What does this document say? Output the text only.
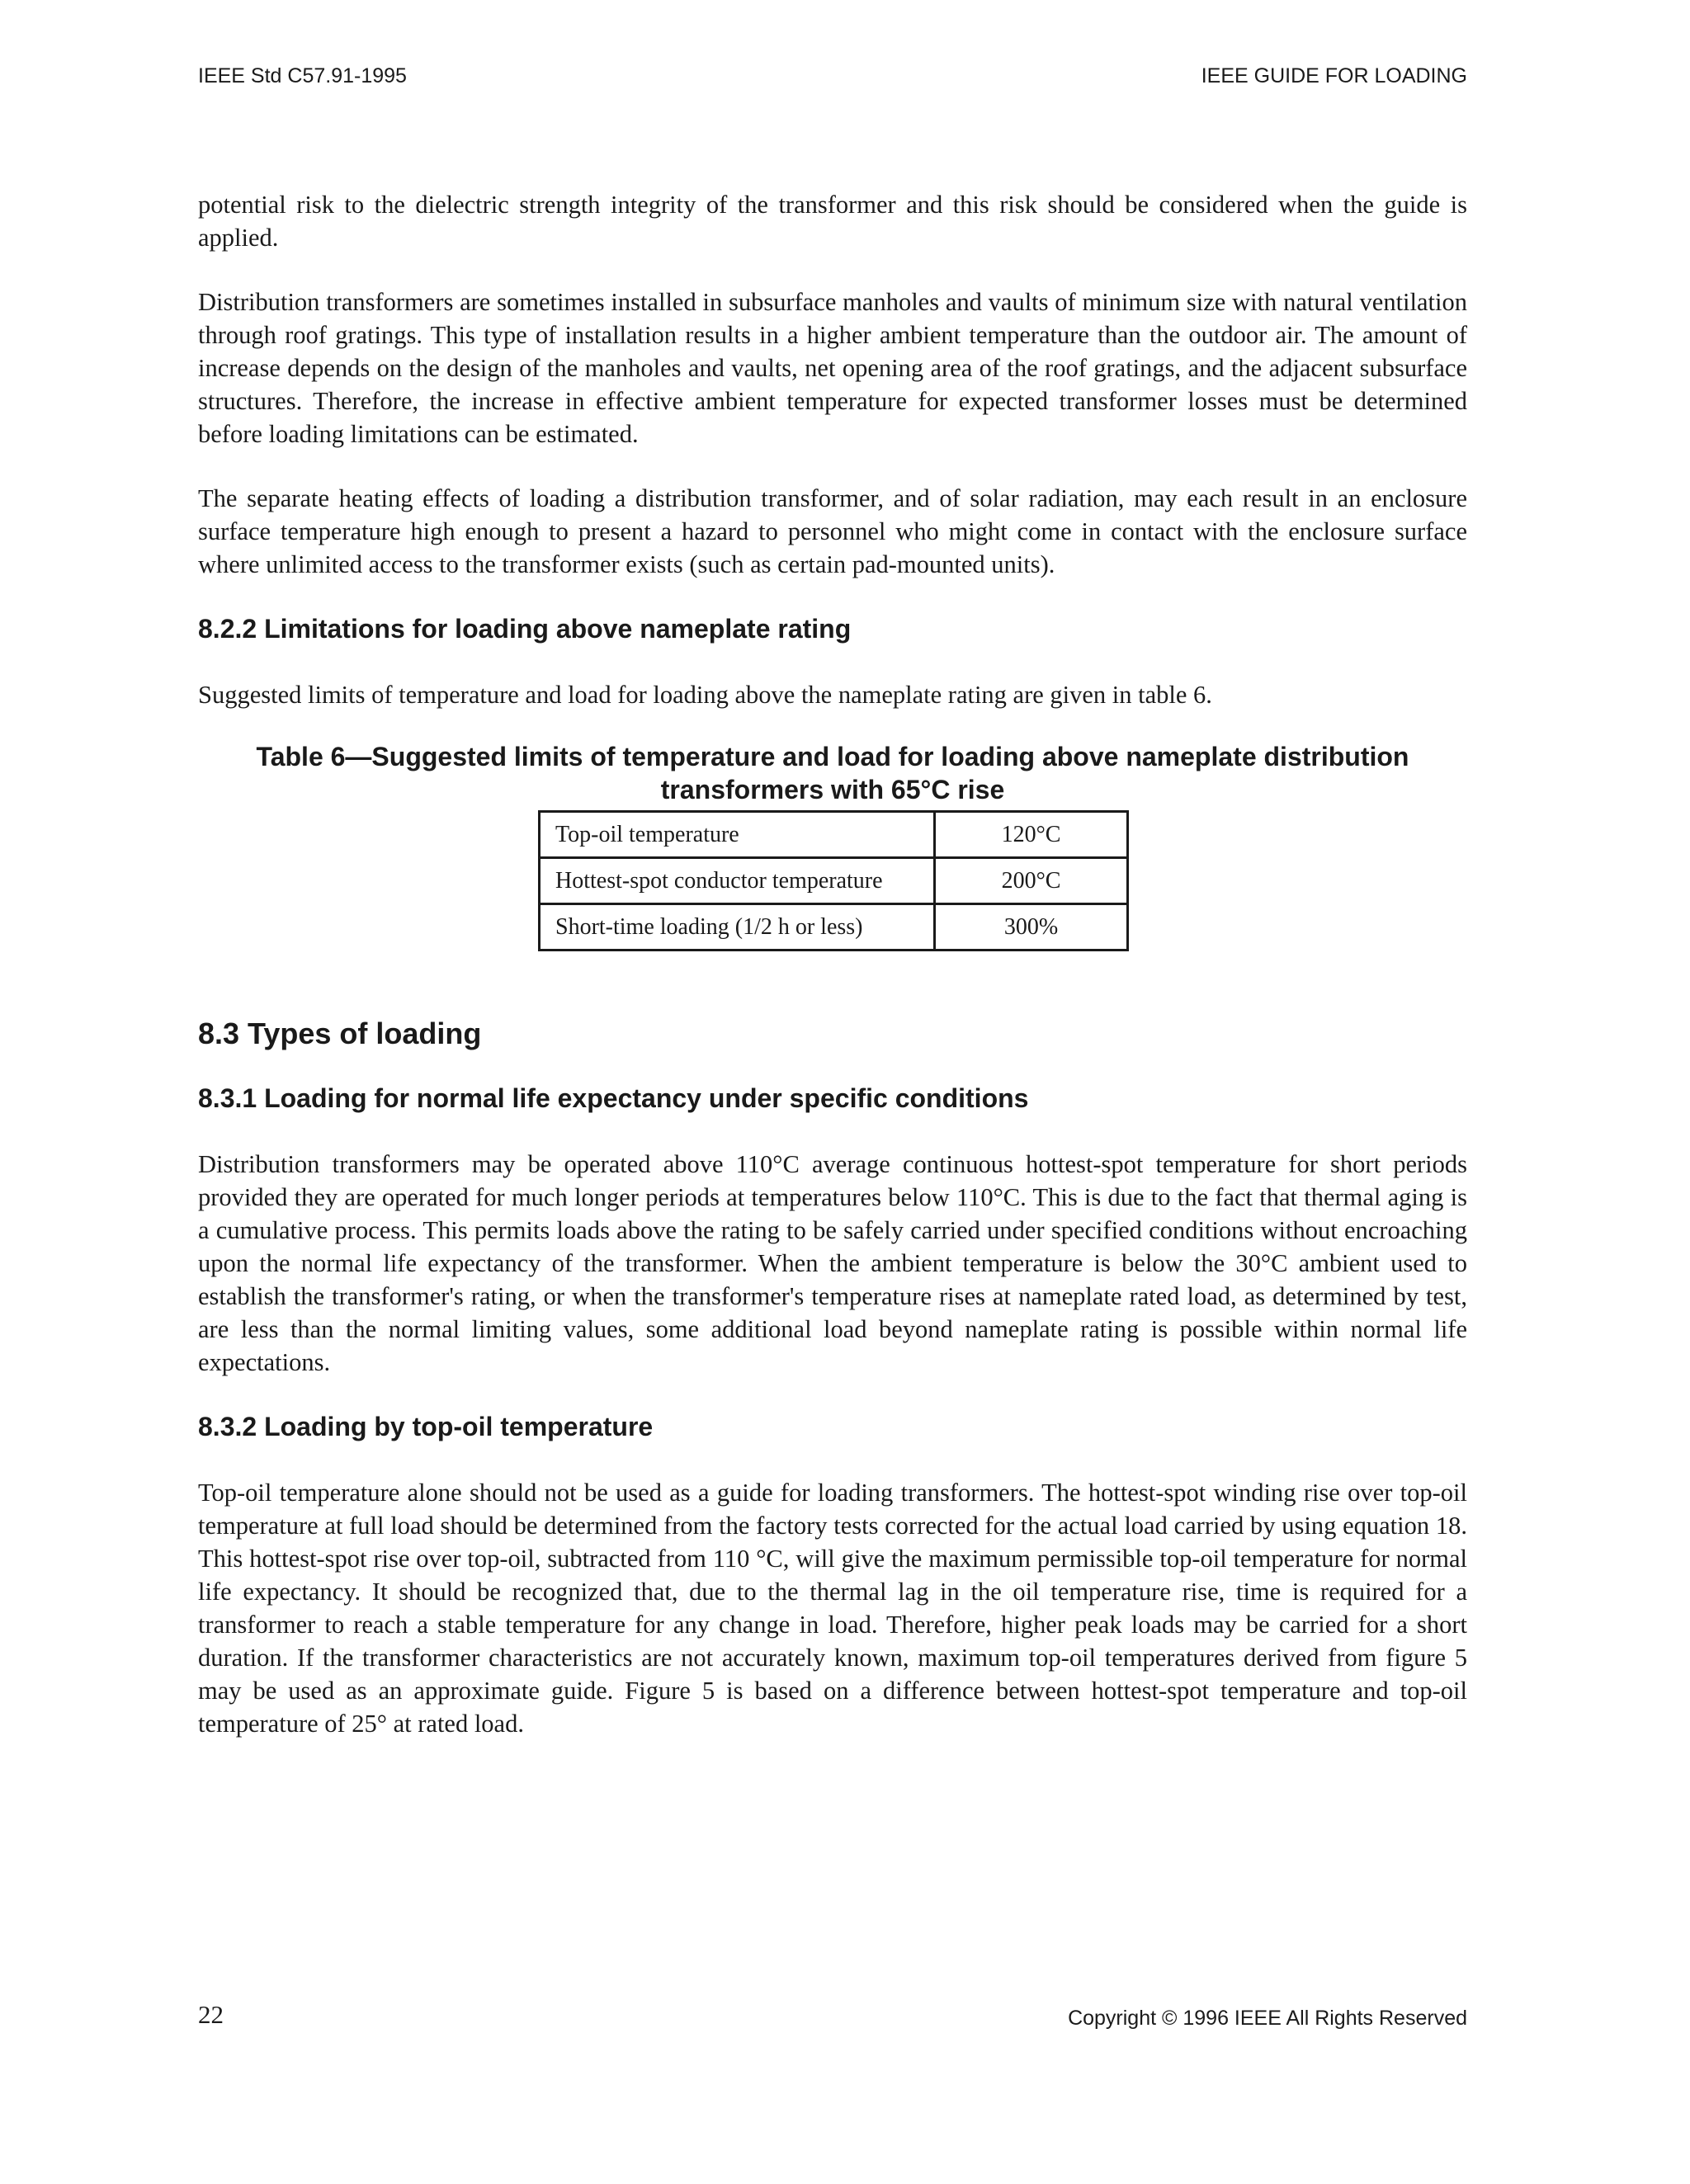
IEEE Std C57.91-1995	IEEE GUIDE FOR LOADING

potential risk to the dielectric strength integrity of the transformer and this risk should be considered when the guide is applied.

Distribution transformers are sometimes installed in subsurface manholes and vaults of minimum size with natural ventilation through roof gratings. This type of installation results in a higher ambient temperature than the outdoor air. The amount of increase depends on the design of the manholes and vaults, net opening area of the roof gratings, and the adjacent subsurface structures. Therefore, the increase in effective ambient temperature for expected transformer losses must be determined before loading limitations can be estimated.

The separate heating effects of loading a distribution transformer, and of solar radiation, may each result in an enclosure surface temperature high enough to present a hazard to personnel who might come in contact with the enclosure surface where unlimited access to the transformer exists (such as certain pad-mounted units).

8.2.2 Limitations for loading above nameplate rating

Suggested limits of temperature and load for loading above the nameplate rating are given in table 6.

Table 6—Suggested limits of temperature and load for loading above nameplate distribution
transformers with 65°C rise
Top-oil temperature	120°C
Hottest-spot conductor temperature	200°C
Short-time loading (1/2 h or less)	300%
8.3 Types of loading
8.3.1 Loading for normal life expectancy under specific conditions

Distribution transformers may be operated above 110°C average continuous hottest-spot temperature for short periods provided they are operated for much longer periods at temperatures below 110°C. This is due to the fact that thermal aging is a cumulative process. This permits loads above the rating to be safely carried under specified conditions without encroaching upon the normal life expectancy of the transformer. When the ambient temperature is below the 30°C ambient used to establish the transformer's rating, or when the transformer's temperature rises at nameplate rated load, as determined by test, are less than the normal limiting values, some additional load beyond nameplate rating is possible within normal life expectations.

8.3.2 Loading by top-oil temperature

Top-oil temperature alone should not be used as a guide for loading transformers. The hottest-spot winding rise over top-oil temperature at full load should be determined from the factory tests corrected for the actual load carried by using equation 18. This hottest-spot rise over top-oil, subtracted from 110 °C, will give the maximum permissible top-oil temperature for normal life expectancy. It should be recognized that, due to the thermal lag in the oil temperature rise, time is required for a transformer to reach a stable temperature for any change in load. Therefore, higher peak loads may be carried for a short duration. If the transformer characteristics are not accurately known, maximum top-oil temperatures derived from figure 5 may be used as an approximate guide. Figure 5 is based on a difference between hottest-spot temperature and top-oil temperature of 25° at rated load.

22	Copyright © 1996 IEEE All Rights Reserved
